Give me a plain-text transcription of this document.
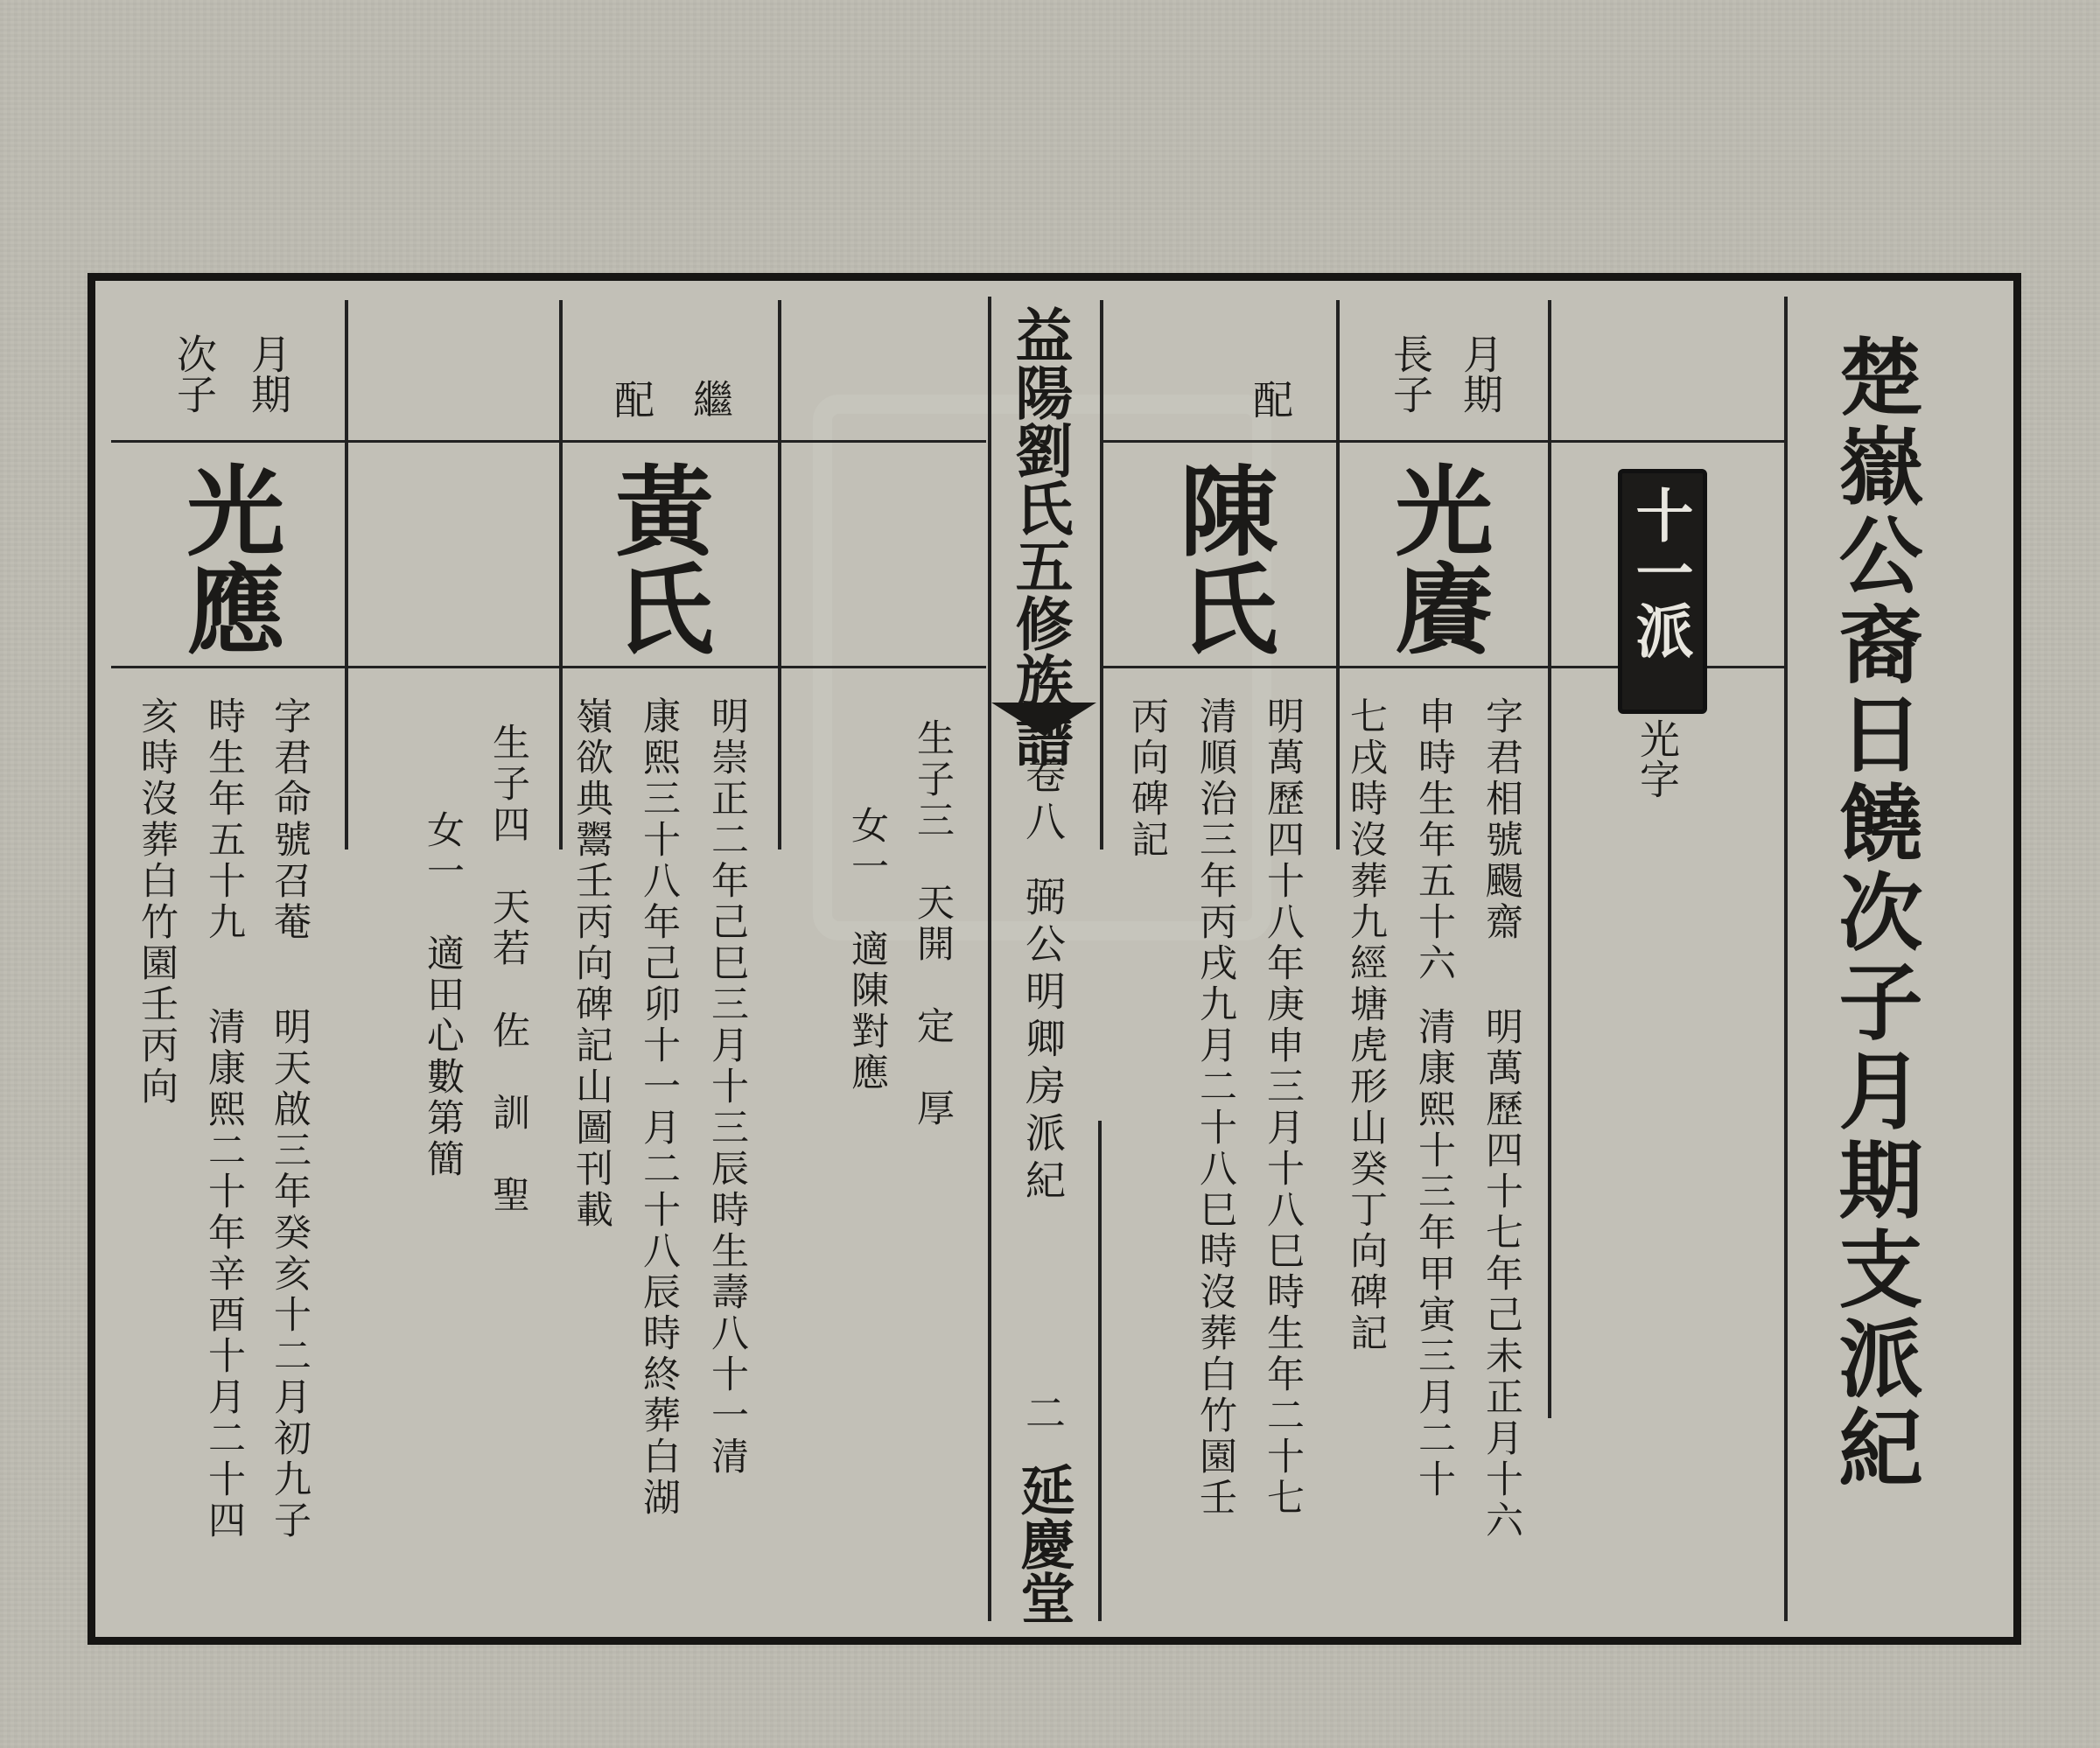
楚嶽公裔日饒次子月期支派紀
十一派
光字
益陽劉氏五修族譜
卷八
弼公明卿房派紀
二
延慶堂
月期
長子
光賡
字君相號颺齋
明萬歷四十七年己未正月十六
申時生年五十六
清康熙十三年甲寅三月二十
七戌時沒葬九經塘虎形山癸丁向碑記
配
陳氏
明萬歷四十八年庚申三月十八巳時生年二十七
清順治三年丙戌九月二十八巳時沒葬白竹園壬
丙向碑記
生子三　天開　定　厚
女一　適陳對應
繼
配
黃氏
明崇正二年己巳三月十三辰時生壽八十一清
康熙三十八年己卯十一月二十八辰時終葬白湖
嶺欲典鬻壬丙向碑記山圖刊載
生子四　天若　佐　訓　聖
女一　適田心數第簡
月期
次子
光應
字君命號召菴
明天啟三年癸亥十二月初九子
時生年五十九
清康熙二十年辛酉十月二十四
亥時沒葬白竹園壬丙向
